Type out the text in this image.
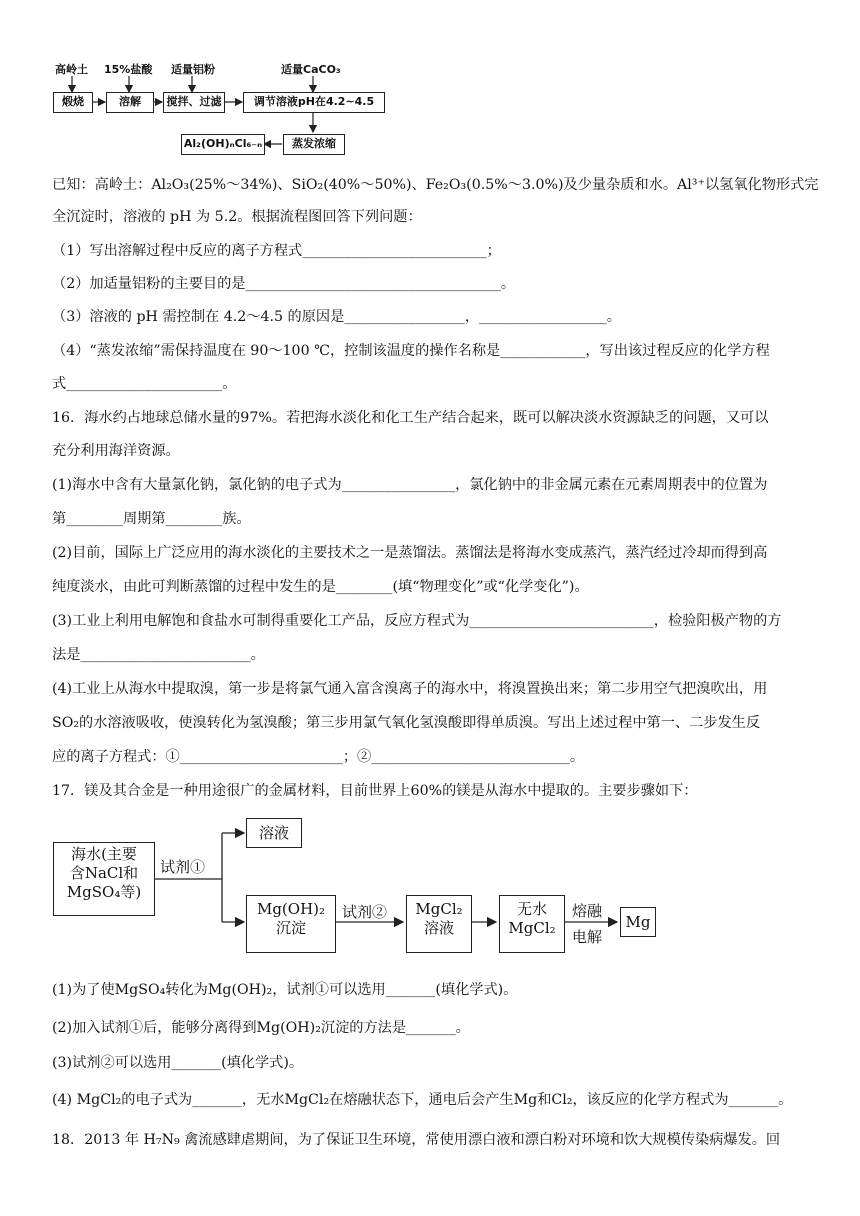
高岭土 15%盐酸 适量铝粉	适量CaCO₃
煅烧	溶解	搅拌、过滤	调节溶液pH在4.2~4.5
蒸发浓缩
Al₂(OH)ₙCl₆₋ₙ
已知：高岭土：Al₂O₃(25%～34%)、SiO₂(40%～50%)、Fe₂O₃(0.5%～3.0%)及少量杂质和水。Al³⁺以氢氧化物形式完
全沉淀时，溶液的 pH 为 5.2。根据流程图回答下列问题：
（1）写出溶解过程中反应的离子方程式__________________________；
（2）加适量铝粉的主要目的是____________________________________。
（3）溶液的 pH 需控制在 4.2～4.5 的原因是_________________，__________________。
（4）“蒸发浓缩”需保持温度在 90～100 ℃，控制该温度的操作名称是____________，写出该过程反应的化学方程
式______________________。
16．海水约占地球总储水量的97%。若把海水淡化和化工生产结合起来，既可以解决淡水资源缺乏的问题，又可以
充分利用海洋资源。
(1)海水中含有大量氯化钠，氯化钠的电子式为________________，氯化钠中的非金属元素在元素周期表中的位置为
第________周期第________族。
(2)目前，国际上广泛应用的海水淡化的主要技术之一是蒸馏法。蒸馏法是将海水变成蒸汽，蒸汽经过冷却而得到高
纯度淡水，由此可判断蒸馏的过程中发生的是________(填“物理变化”或“化学变化”)。
(3)工业上利用电解饱和食盐水可制得重要化工产品，反应方程式为__________________________，检验阳极产物的方
法是________________________。
(4)工业上从海水中提取溴，第一步是将氯气通入富含溴离子的海水中，将溴置换出来；第二步用空气把溴吹出，用
SO₂的水溶液吸收，使溴转化为氢溴酸；第三步用氯气氧化氢溴酸即得单质溴。写出上述过程中第一、二步发生反
应的离子方程式：①_______________________；②____________________________。
17．镁及其合金是一种用途很广的金属材料，目前世界上60%的镁是从海水中提取的。主要步骤如下：
海水(主要
含NaCl和
MgSO₄等)
试剂①
溶液
Mg(OH)₂
沉淀
试剂②	MgCl₂
溶液
无水
MgCl₂
熔融
电解
Mg
(1)为了使MgSO₄转化为Mg(OH)₂，试剂①可以选用_______(填化学式)。
(2)加入试剂①后，能够分离得到Mg(OH)₂沉淀的方法是_______。
(3)试剂②可以选用_______(填化学式)。
(4) MgCl₂的电子式为_______，无水MgCl₂在熔融状态下，通电后会产生Mg和Cl₂，该反应的化学方程式为_______。
18．2013 年 H₇N₉ 禽流感肆虐期间，为了保证卫生环境，常使用漂白液和漂白粉对环境和饮大规模传染病爆发。回
